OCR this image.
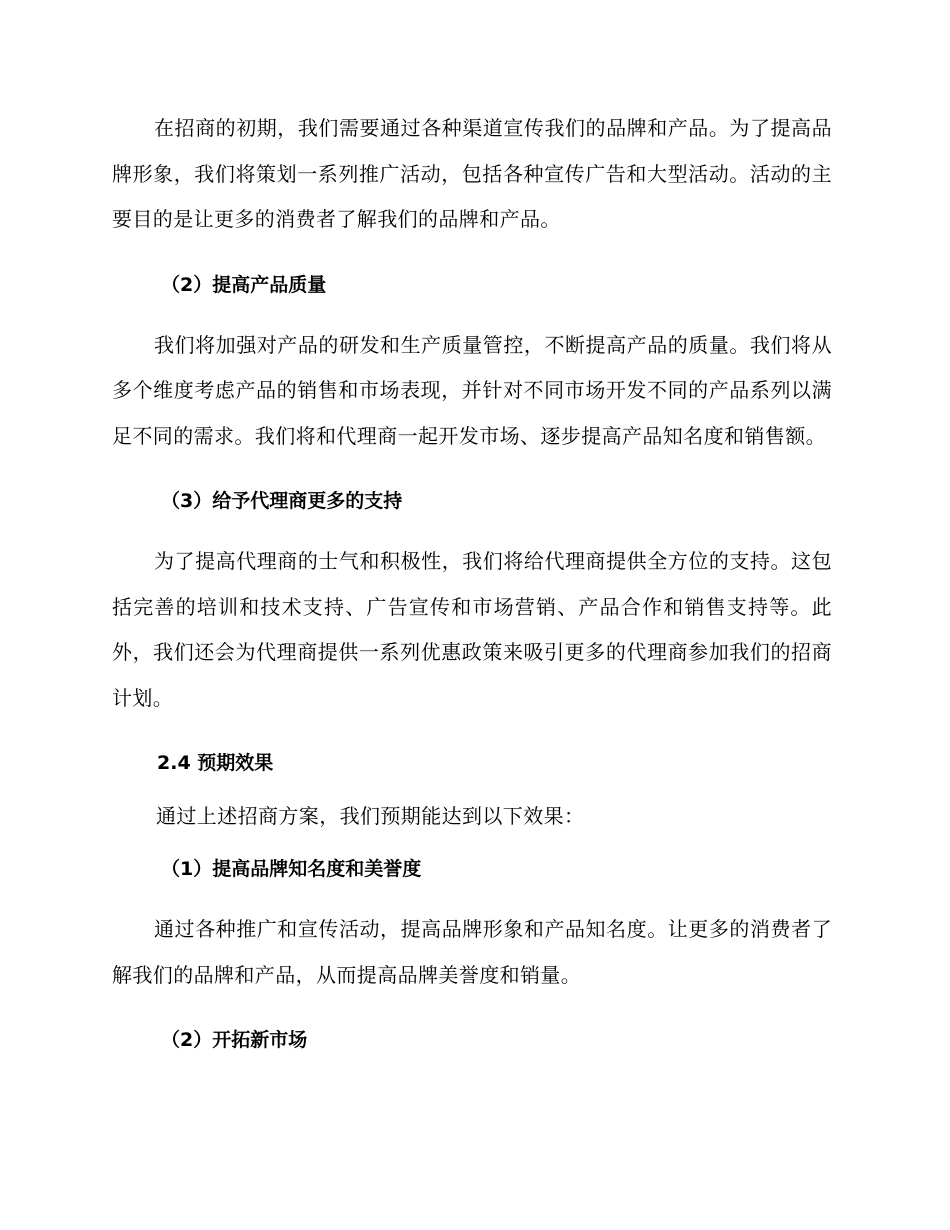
在招商的初期，我们需要通过各种渠道宣传我们的品牌和产品。为了提高品牌形象，我们将策划一系列推广活动，包括各种宣传广告和大型活动。活动的主要目的是让更多的消费者了解我们的品牌和产品。

（2）提高产品质量

我们将加强对产品的研发和生产质量管控，不断提高产品的质量。我们将从多个维度考虑产品的销售和市场表现，并针对不同市场开发不同的产品系列以满足不同的需求。我们将和代理商一起开发市场、逐步提高产品知名度和销售额。

（3）给予代理商更多的支持

为了提高代理商的士气和积极性，我们将给代理商提供全方位的支持。这包括完善的培训和技术支持、广告宣传和市场营销、产品合作和销售支持等。此外，我们还会为代理商提供一系列优惠政策来吸引更多的代理商参加我们的招商计划。

2.4 预期效果

通过上述招商方案，我们预期能达到以下效果：

（1）提高品牌知名度和美誉度

通过各种推广和宣传活动，提高品牌形象和产品知名度。让更多的消费者了解我们的品牌和产品，从而提高品牌美誉度和销量。

（2）开拓新市场
